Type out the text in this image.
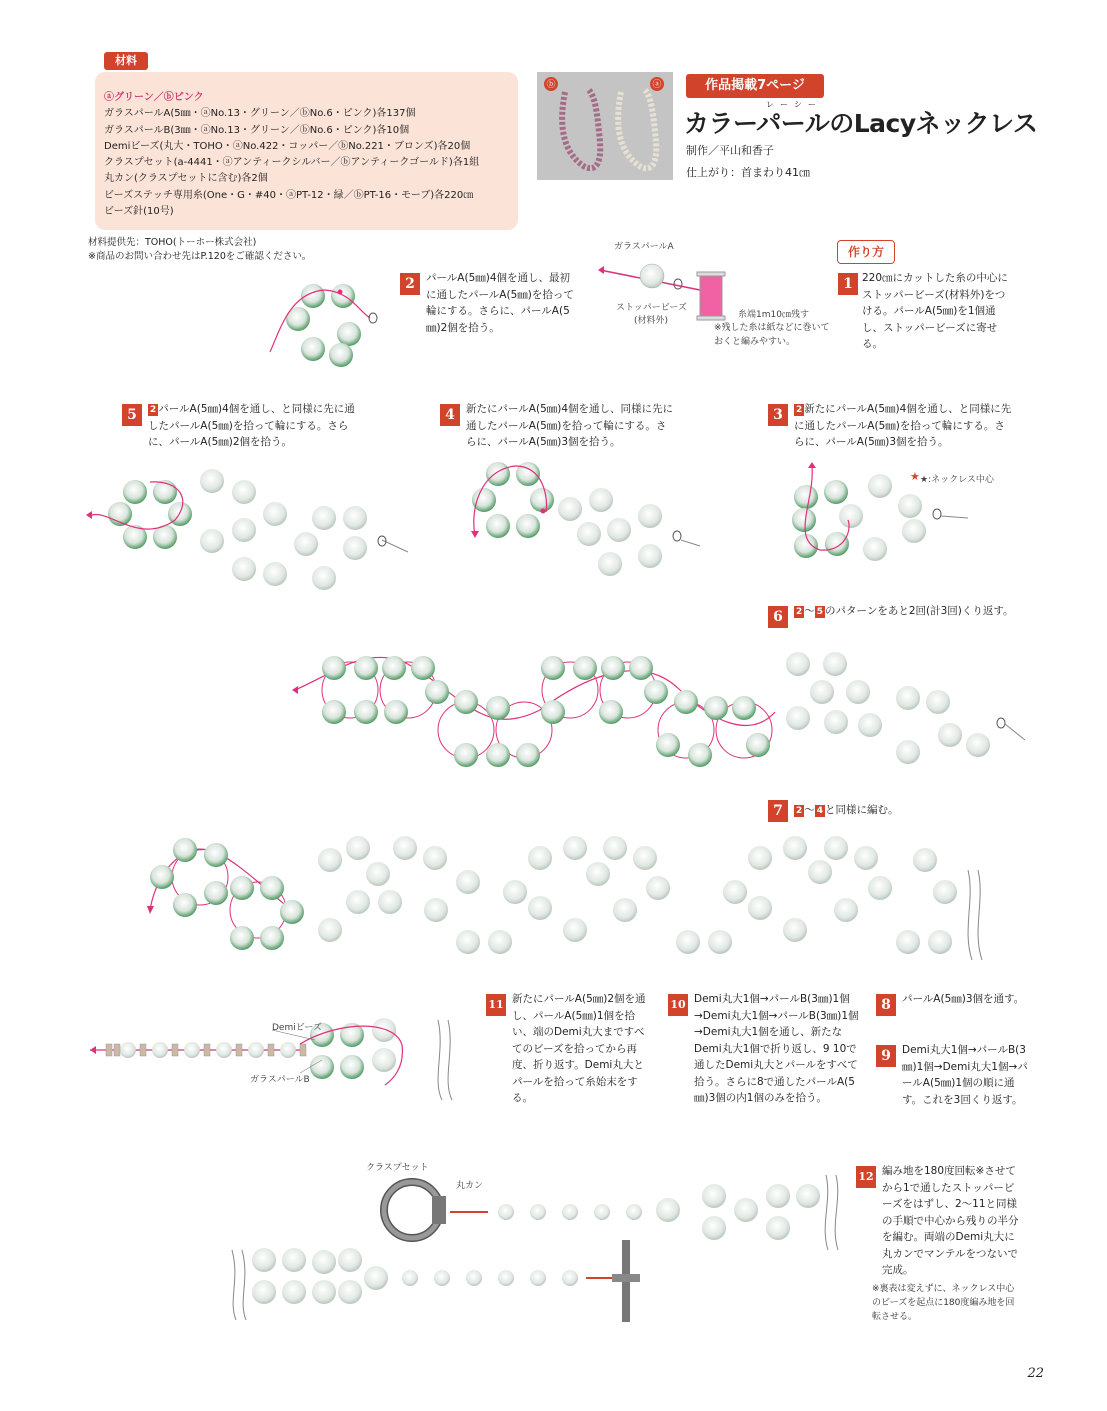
材料
ⓐグリーン／ⓑピンク
ガラスパールA(5㎜・ⓐNo.13・グリーン／ⓑNo.6・ピンク)各137個
ガラスパールB(3㎜・ⓐNo.13・グリーン／ⓑNo.6・ピンク)各10個
Demiビーズ(丸大・TOHO・ⓐNo.422・コッパー／ⓑNo.221・ブロンズ)各20個
クラスプセット(a-4441・ⓐアンティークシルバー／ⓑアンティークゴールド)各1組
丸カン(クラスプセットに含む)各2個
ビーズステッチ専用糸(One・G・#40・ⓐPT-12・緑／ⓑPT-16・モーブ)各220㎝
ビーズ針(10号)
材料提供先：TOHO(トーホー株式会社)
※商品のお問い合わせ先はP.120をご確認ください。
ⓑ	ⓐ	作品掲載7ページ
レーシー
カラーパールのLacyネックレス
制作／平山和香子
仕上がり：首まわり41㎝
★
ガラスパールA
ストッパービーズ
(材料外)
糸端1m10㎝残す
※残した糸は紙などに巻いておくと編みやすい。
★:ネックレス中心
Demiビーズ
ガラスパールB
クラスプセット
丸カン
作り方
1 220㎝にカットした糸の中心にストッパービーズ(材料外)をつける。パールA(5㎜)を1個通し、ストッパービーズに寄せる。
2	パールA(5㎜)4個を通し、最初に通したパールA(5㎜)を拾って輪にする。さらに、パールA(5㎜)2個を拾う。
5	2 パールA(5㎜)4個を通し、と同様に先に通したパールA(5㎜)を拾って輪にする。さらに、パールA(5㎜)2個を拾う。
4	新たにパールA(5㎜)4個を通し、同様に先に通したパールA(5㎜)を拾って輪にする。さらに、パールA(5㎜)3個を拾う。
3	2 新たにパールA(5㎜)4個を通し、と同様に先に通したパールA(5㎜)を拾って輪にする。さらに、パールA(5㎜)3個を拾う。
6	2 〜 5 のパターンをあと2回(計3回)くり返す。
7	2 〜 4 と同様に編む。
8	パールA(5㎜)3個を通す。
9	Demi丸大1個→パールB(3㎜)1個→Demi丸大1個→パールA(5㎜)1個の順に通す。これを3回くり返す。
10 Demi丸大1個→パールB(3㎜)1個→Demi丸大1個→パールB(3㎜)1個→Demi丸大1個を通し、新たなDemi丸大1個で折り返し、9 10で通したDemi丸大とパールをすべて拾う。さらに8で通したパールA(5㎜)3個の内1個のみを拾う。
11 新たにパールA(5㎜)2個を通し、パールA(5㎜)1個を拾い、端のDemi丸大まですべてのビーズを拾ってから再度、折り返す。Demi丸大とパールを拾って糸始末をする。
12 編み地を180度回転※させてから1で通したストッパービーズをはずし、2〜11と同様の手順で中心から残りの半分を編む。両端のDemi丸大に丸カンでマンテルをつないで完成。
※裏表は変えずに、ネックレス中心のビーズを起点に180度編み地を回転させる。
22
